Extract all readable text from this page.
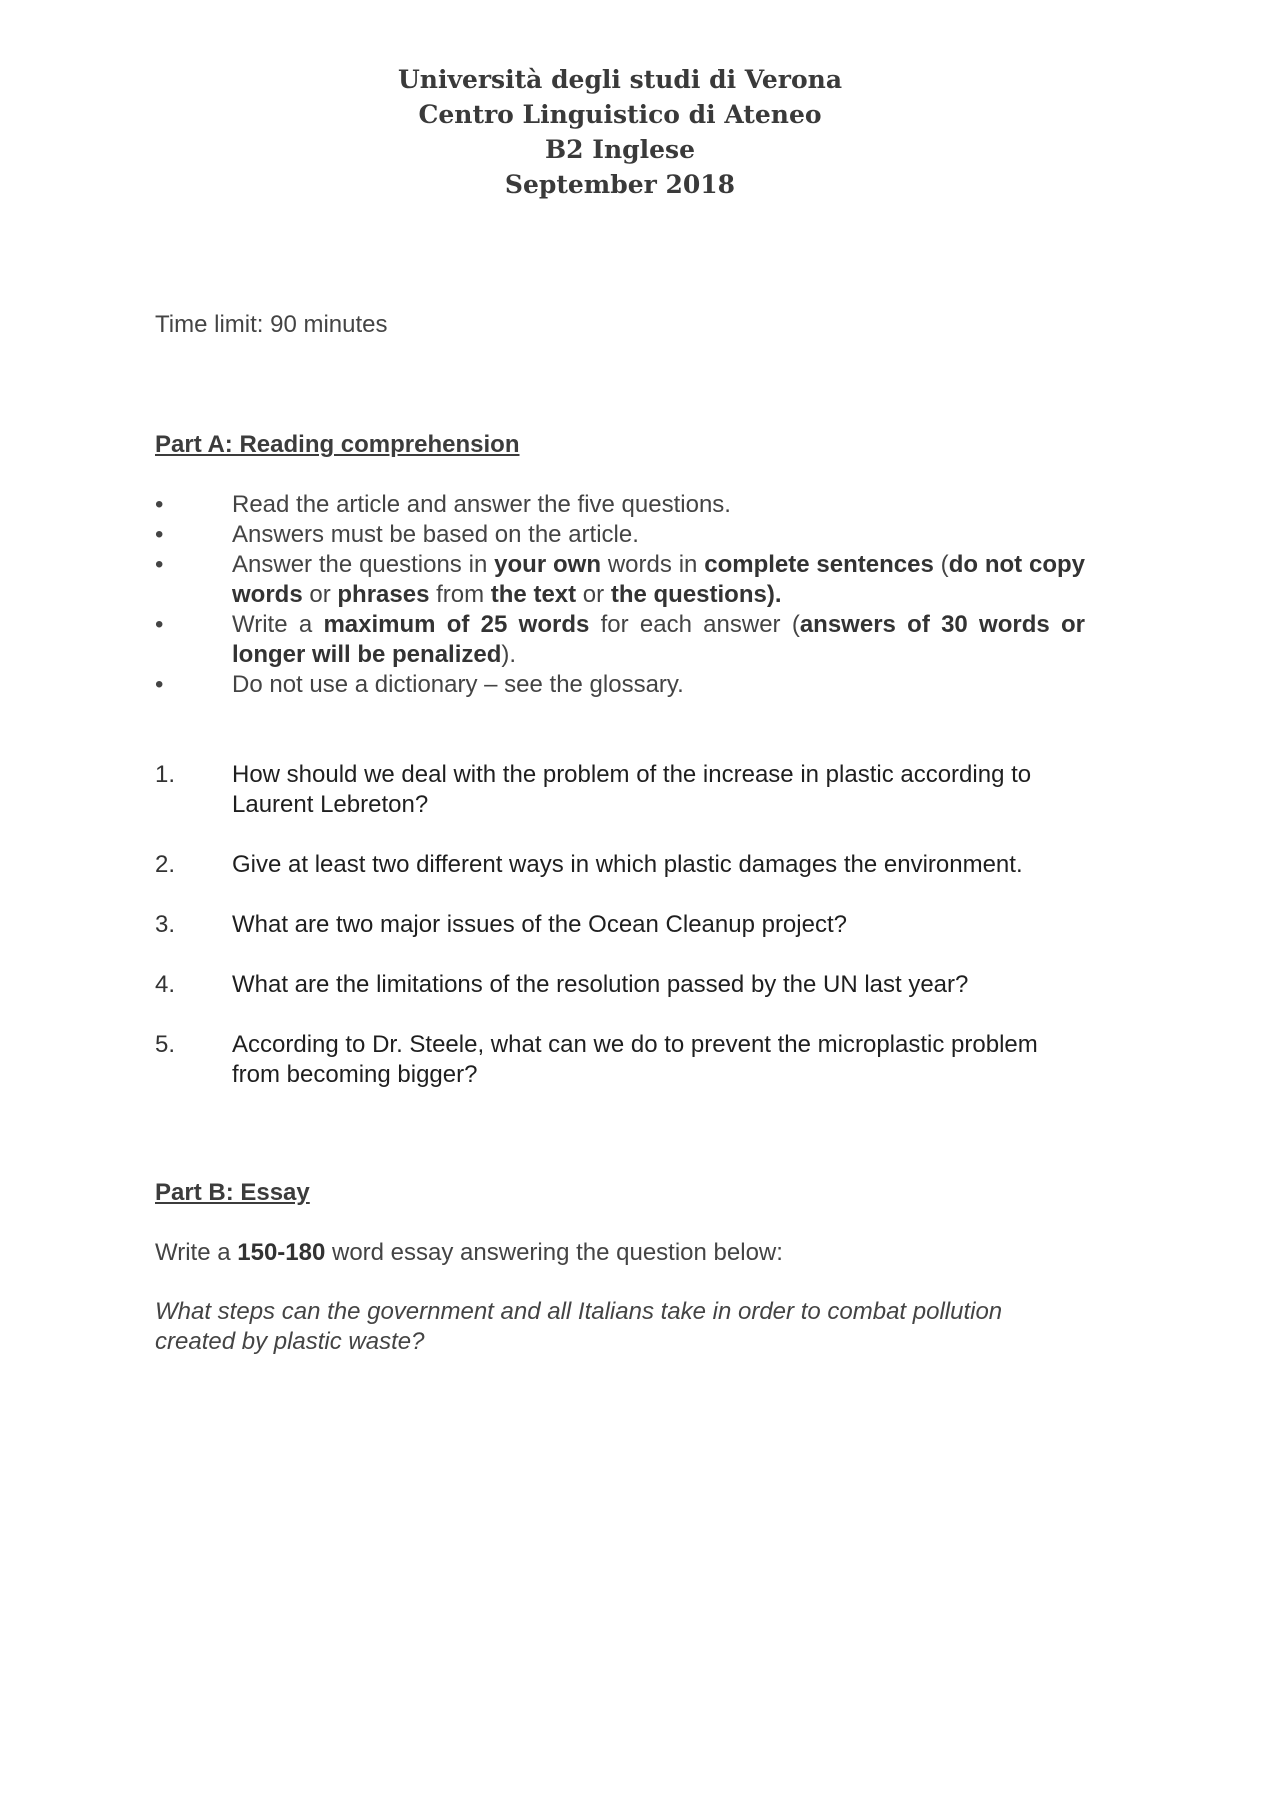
Università degli studi di Verona
Centro Linguistico di Ateneo
B2 Inglese
September 2018
Time limit: 90 minutes
Part A: Reading comprehension
•	Read the article and answer the five questions.
•	Answers must be based on the article.
•	Answer the questions in your own words in complete sentences (do not copy words or phrases from the text or the questions).
•	Write a maximum of 25 words for each answer (answers of 30 words or longer will be penalized).
•	Do not use a dictionary – see the glossary.
1. How should we deal with the problem of the increase in plastic according to Laurent Lebreton?
2. Give at least two different ways in which plastic damages the environment.
3. What are two major issues of the Ocean Cleanup project?
4. What are the limitations of the resolution passed by the UN last year?
5. According to Dr. Steele, what can we do to prevent the microplastic problem from becoming bigger?
Part B: Essay
Write a 150-180 word essay answering the question below:
What steps can the government and all Italians take in order to combat pollution created by plastic waste?
